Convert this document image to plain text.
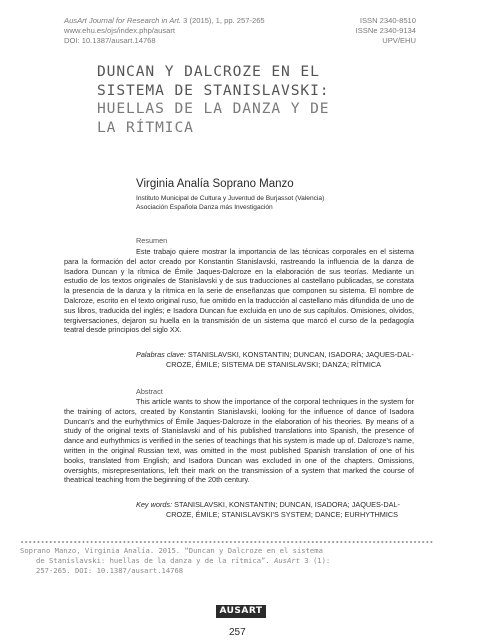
AusArt Journal for Research in Art. 3 (2015), 1, pp. 257-265
www.ehu.es/ojs/index.php/ausart
DOI: 10.1387/ausart.14768
ISSN 2340-8510
ISSNe 2340-9134
UPV/EHU
DUNCAN Y DALCROZE EN EL
SISTEMA DE STANISLAVSKI:
HUELLAS DE LA DANZA Y DE
LA RÍTMICA
Virginia Analía Soprano Manzo
Instituto Municipal de Cultura y Juventud de Burjassot (Valencia)
Asociación Española Danza más Investigación
Resumen
Este trabajo quiere mostrar la importancia de las técnicas corporales en el sistema para la formación del actor creado por Konstantin Stanislavski, rastreando la influencia de la danza de Isadora Duncan y la rítmica de Émile Jaques-Dalcroze en la elaboración de sus teorías. Mediante un estudio de los textos originales de Stanislavski y de sus traducciones al castellano publicadas, se constata la presencia de la danza y la rítmica en la serie de enseñanzas que componen su sistema. El nombre de Dalcroze, escrito en el texto original ruso, fue omitido en la traducción al castellano más difundida de uno de sus libros, traducida del inglés; e Isadora Duncan fue excluida en uno de sus capítulos. Omisiones, olvidos, tergiversaciones, dejaron su huella en la transmisión de un sistema que marcó el curso de la pedagogía teatral desde principios del siglo XX.
Palabras clave: STANISLAVSKI, KONSTANTIN; DUNCAN, ISADORA; JAQUES-DAL-
CROZE, ÉMILE; SISTEMA DE STANISLAVSKI; DANZA; RÍTMICA
Abstract
This article wants to show the importance of the corporal techniques in the system for the training of actors, created by Konstantin Stanislavski, looking for the influence of dance of Isadora Duncan’s and the eurhythmics of Émile Jaques-Dalcroze in the elaboration of his theories. By means of a study of the original texts of Stanislavski and of his published translations into Spanish, the presence of dance and eurhythmics is verified in the series of teachings that his system is made up of. Dalcroze’s name, written in the original Russian text, was omitted in the most published Spanish translation of one of his books, translated from English; and Isadora Duncan was excluded in one of the chapters. Omissions, oversights, misrepresentations, left their mark on the transmission of a system that marked the course of theatrical teaching from the beginning of the 20th century.
Key words: STANISLAVSKI, KONSTANTIN; DUNCAN, ISADORA; JAQUES-DAL-
CROZE, ÉMILE; STANISLAVSKI’S SYSTEM; DANCE; EURHYTHMICS
Soprano Manzo, Virginia Analía. 2015. “Duncan y Dalcroze en el sistema
de Stanislavski: huellas de la danza y de la rítmica”. AusArt 3 (1):
257-265. DOI: 10.1387/ausart.14768
AUSART
257
